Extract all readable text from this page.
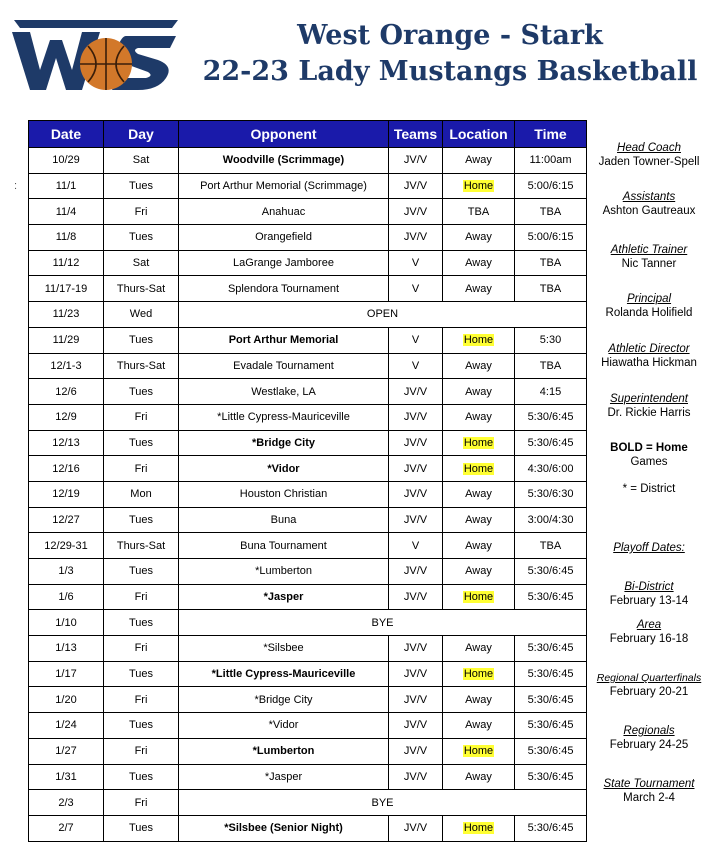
West Orange - Stark
22-23 Lady Mustangs Basketball
:
Date	Day	Opponent	Teams	Location	Time
10/29	Sat	Woodville (Scrimmage)	JV/V	Away	11:00am
11/1	Tues	Port Arthur Memorial (Scrimmage)	JV/V	Home	5:00/6:15
11/4	Fri	Anahuac	JV/V	TBA	TBA
11/8	Tues	Orangefield	JV/V	Away	5:00/6:15
11/12	Sat	LaGrange Jamboree	V	Away	TBA
11/17-19	Thurs-Sat	Splendora Tournament	V	Away	TBA
11/23	Wed	OPEN			
11/29	Tues	Port Arthur Memorial	V	Home	5:30
12/1-3	Thurs-Sat	Evadale Tournament	V	Away	TBA
12/6	Tues	Westlake, LA	JV/V	Away	4:15
12/9	Fri	*Little Cypress-Mauriceville	JV/V	Away	5:30/6:45
12/13	Tues	*Bridge City	JV/V	Home	5:30/6:45
12/16	Fri	*Vidor	JV/V	Home	4:30/6:00
12/19	Mon	Houston Christian	JV/V	Away	5:30/6:30
12/27	Tues	Buna	JV/V	Away	3:00/4:30
12/29-31	Thurs-Sat	Buna Tournament	V	Away	TBA
1/3	Tues	*Lumberton	JV/V	Away	5:30/6:45
1/6	Fri	*Jasper	JV/V	Home	5:30/6:45
1/10	Tues	BYE			
1/13	Fri	*Silsbee	JV/V	Away	5:30/6:45
1/17	Tues	*Little Cypress-Mauriceville	JV/V	Home	5:30/6:45
1/20	Fri	*Bridge City	JV/V	Away	5:30/6:45
1/24	Tues	*Vidor	JV/V	Away	5:30/6:45
1/27	Fri	*Lumberton	JV/V	Home	5:30/6:45
1/31	Tues	*Jasper	JV/V	Away	5:30/6:45
2/3	Fri	BYE			
2/7	Tues	*Silsbee (Senior Night)	JV/V	Home	5:30/6:45
Head Coach
Jaden Towner-Spell
Assistants
Ashton Gautreaux
Athletic Trainer
Nic Tanner
Principal
Rolanda Holifield
Athletic Director
Hiawatha Hickman
Superintendent
Dr. Rickie Harris
BOLD = Home
Games
* = District
Playoff Dates:
Bi-District
February 13-14
Area
February 16-18
Regional Quarterfinals
February 20-21
Regionals
February 24-25
State Tournament
March 2-4
